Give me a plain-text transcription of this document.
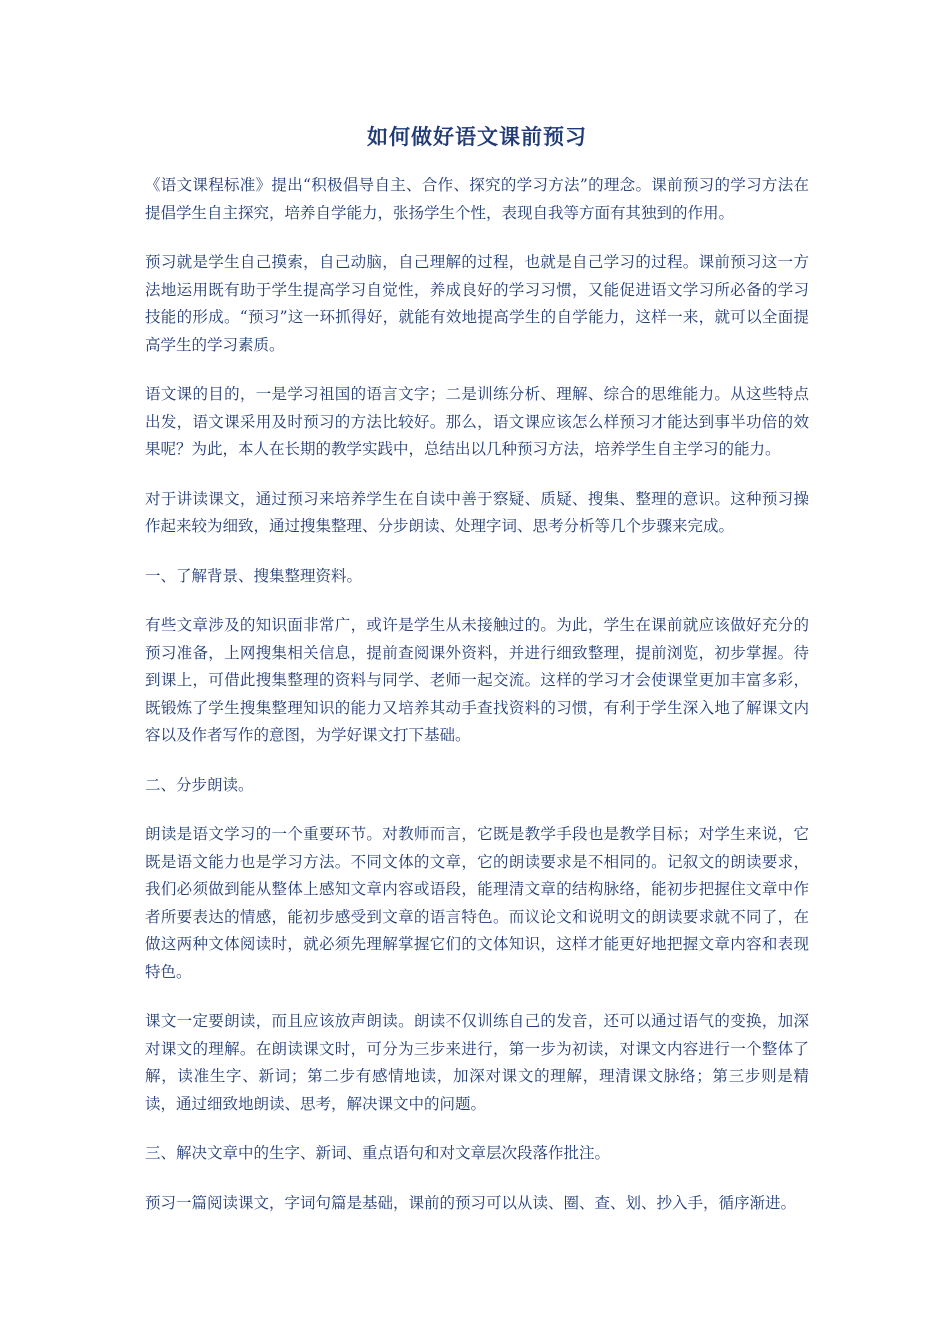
如何做好语文课前预习

《语文课程标准》提出“积极倡导自主、合作、探究的学习方法”的理念。课前预习的学习方法在提倡学生自主探究，培养自学能力，张扬学生个性，表现自我等方面有其独到的作用。

预习就是学生自己摸索，自己动脑，自己理解的过程，也就是自己学习的过程。课前预习这一方法地运用既有助于学生提高学习自觉性，养成良好的学习习惯，又能促进语文学习所必备的学习技能的形成。“预习”这一环抓得好，就能有效地提高学生的自学能力，这样一来，就可以全面提高学生的学习素质。

语文课的目的，一是学习祖国的语言文字；二是训练分析、理解、综合的思维能力。从这些特点出发，语文课采用及时预习的方法比较好。那么，语文课应该怎么样预习才能达到事半功倍的效果呢？为此，本人在长期的教学实践中，总结出以几种预习方法，培养学生自主学习的能力。

对于讲读课文，通过预习来培养学生在自读中善于察疑、质疑、搜集、整理的意识。这种预习操作起来较为细致，通过搜集整理、分步朗读、处理字词、思考分析等几个步骤来完成。

一、了解背景、搜集整理资料。

有些文章涉及的知识面非常广，或许是学生从未接触过的。为此，学生在课前就应该做好充分的预习准备，上网搜集相关信息，提前查阅课外资料，并进行细致整理，提前浏览，初步掌握。待到课上，可借此搜集整理的资料与同学、老师一起交流。这样的学习才会使课堂更加丰富多彩，既锻炼了学生搜集整理知识的能力又培养其动手查找资料的习惯，有利于学生深入地了解课文内容以及作者写作的意图，为学好课文打下基础。

二、分步朗读。

朗读是语文学习的一个重要环节。对教师而言，它既是教学手段也是教学目标；对学生来说，它既是语文能力也是学习方法。不同文体的文章，它的朗读要求是不相同的。记叙文的朗读要求，我们必须做到能从整体上感知文章内容或语段，能理清文章的结构脉络，能初步把握住文章中作者所要表达的情感，能初步感受到文章的语言特色。而议论文和说明文的朗读要求就不同了，在做这两种文体阅读时，就必须先理解掌握它们的文体知识，这样才能更好地把握文章内容和表现特色。

课文一定要朗读，而且应该放声朗读。朗读不仅训练自己的发音，还可以通过语气的变换，加深对课文的理解。在朗读课文时，可分为三步来进行，第一步为初读，对课文内容进行一个整体了解，读准生字、新词；第二步有感情地读，加深对课文的理解，理清课文脉络；第三步则是精读，通过细致地朗读、思考，解决课文中的问题。

三、解决文章中的生字、新词、重点语句和对文章层次段落作批注。

预习一篇阅读课文，字词句篇是基础，课前的预习可以从读、圈、查、划、抄入手，循序渐进。
